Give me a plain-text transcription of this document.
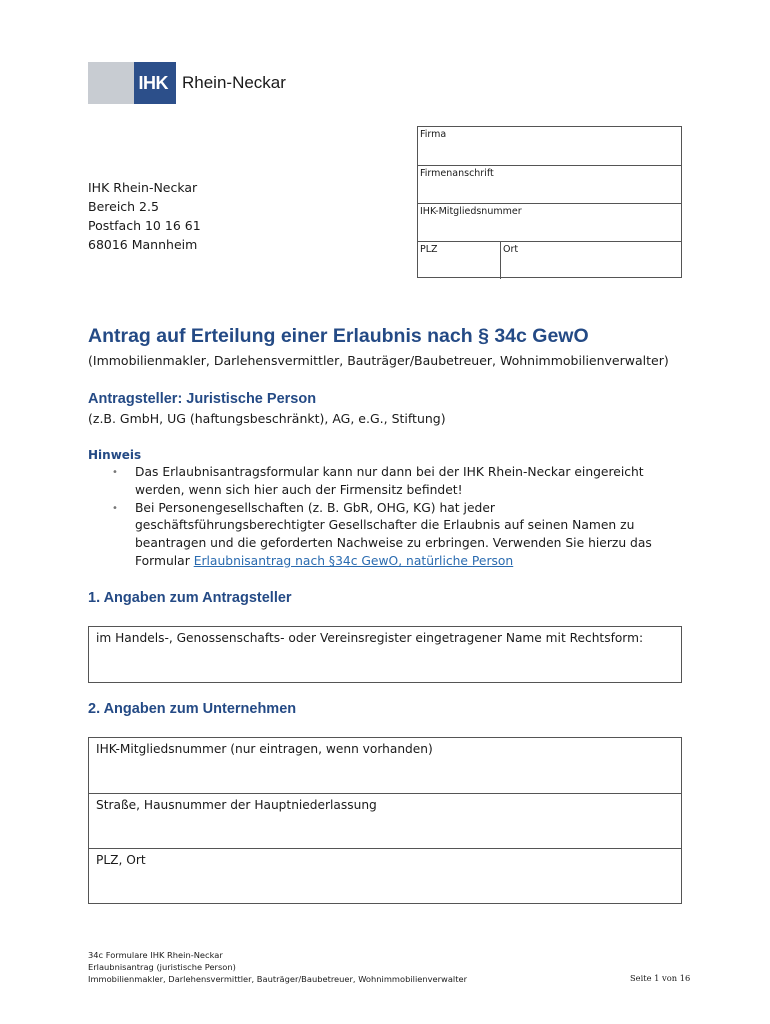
IHK Rhein-Neckar
IHK Rhein-Neckar
Bereich 2.5
Postfach 10 16 61
68016 Mannheim
Firma
Firmenanschrift
IHK-Mitgliedsnummer
PLZ	Ort
Antrag auf Erteilung einer Erlaubnis nach § 34c GewO
(Immobilienmakler, Darlehensvermittler, Bauträger/Baubetreuer, Wohnimmobilienverwalter)
Antragsteller: Juristische Person
(z.B. GmbH, UG (haftungsbeschränkt), AG, e.G., Stiftung)
Hinweis
• Das Erlaubnisantragsformular kann nur dann bei der IHK Rhein-Neckar eingereicht werden, wenn sich hier auch der Firmensitz befindet!
• Bei Personengesellschaften (z. B. GbR, OHG, KG) hat jeder geschäftsführungsberechtigter Gesellschafter die Erlaubnis auf seinen Namen zu beantragen und die geforderten Nachweise zu erbringen. Verwenden Sie hierzu das Formular Erlaubnisantrag nach §34c GewO, natürliche Person
1. Angaben zum Antragsteller
im Handels-, Genossenschafts- oder Vereinsregister eingetragener Name mit Rechtsform:
2. Angaben zum Unternehmen
IHK-Mitgliedsnummer (nur eintragen, wenn vorhanden)
Straße, Hausnummer der Hauptniederlassung
PLZ, Ort
34c Formulare IHK Rhein-Neckar
Erlaubnisantrag (juristische Person)
Immobilienmakler, Darlehensvermittler, Bauträger/Baubetreuer, Wohnimmobilienverwalter	Seite 1 von 16
